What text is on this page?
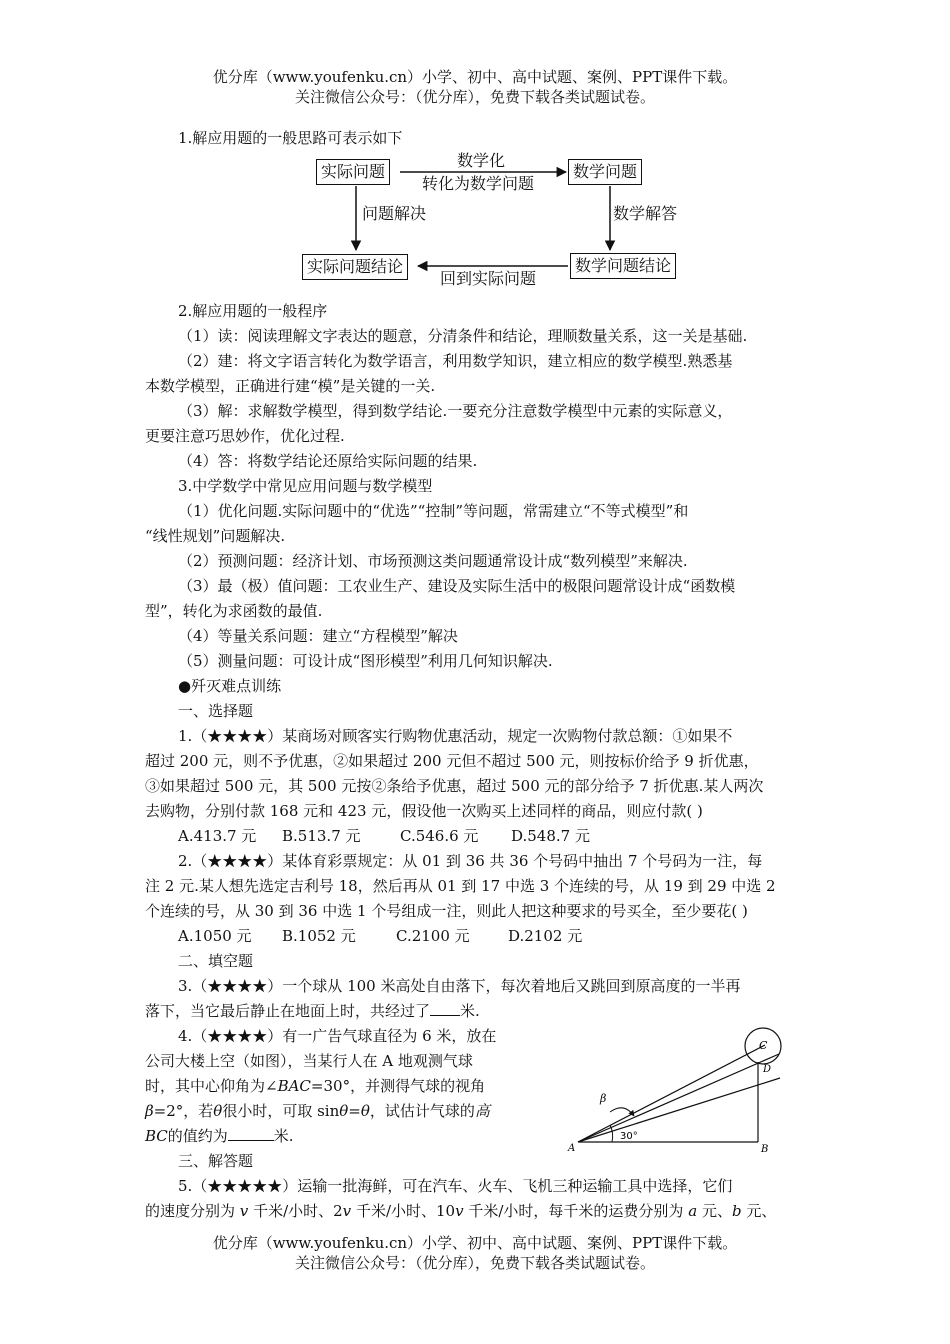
优分库（www.youfenku.cn）小学、初中、高中试题、案例、PPT课件下载。
关注微信公众号：（优分库），免费下载各类试题试卷。
1.解应用题的一般思路可表示如下
实际问题	数学问题
数学问题结论
实际问题结论
数学化
转化为数学问题
问题解决	数学解答
回到实际问题
2.解应用题的一般程序
（1）读：阅读理解文字表达的题意，分清条件和结论，理顺数量关系，这一关是基础.
（2）建：将文字语言转化为数学语言，利用数学知识，建立相应的数学模型.熟悉基
本数学模型，正确进行建“模”是关键的一关.
（3）解：求解数学模型，得到数学结论.一要充分注意数学模型中元素的实际意义，
更要注意巧思妙作，优化过程.
（4）答：将数学结论还原给实际问题的结果.
3.中学数学中常见应用问题与数学模型
（1）优化问题.实际问题中的“优选”“控制”等问题，常需建立“不等式模型”和
“线性规划”问题解决.
（2）预测问题：经济计划、市场预测这类问题通常设计成“数列模型”来解决.
（3）最（极）值问题：工农业生产、建设及实际生活中的极限问题常设计成“函数模
型”，转化为求函数的最值.
（4）等量关系问题：建立“方程模型”解决
（5）测量问题：可设计成“图形模型”利用几何知识解决.
●歼灭难点训练
一、选择题
1.（★★★★）某商场对顾客实行购物优惠活动，规定一次购物付款总额：①如果不
超过 200 元，则不予优惠，②如果超过 200 元但不超过 500 元，则按标价给予 9 折优惠，
③如果超过 500 元，其 500 元按②条给予优惠，超过 500 元的部分给予 7 折优惠.某人两次
去购物，分别付款 168 元和 423 元，假设他一次购买上述同样的商品，则应付款( )
A.413.7 元 B.513.7 元	C.546.6 元 D.548.7 元
2.（★★★★）某体育彩票规定：从 01 到 36 共 36 个号码中抽出 7 个号码为一注，每
注 2 元.某人想先选定吉利号 18，然后再从 01 到 17 中选 3 个连续的号，从 19 到 29 中选 2
个连续的号，从 30 到 36 中选 1 个号组成一注，则此人把这种要求的号买全，至少要花( )
A.1050 元 B.1052 元	C.2100 元	D.2102 元
二、填空题
3.（★★★★）一个球从 100 米高处自由落下，每次着地后又跳回到原高度的一半再
落下，当它最后静止在地面上时，共经过了 米.
4.（★★★★）有一广告气球直径为 6 米，放在
公司大楼上空（如图），当某行人在 A 地观测气球
时，其中心仰角为∠BAC=30°，并测得气球的视角
β=2°，若θ很小时，可取 sinθ=θ，试估计气球的高
BC的值约为	米.
C
D
A	B
β
30°
三、解答题
5.（★★★★★）运输一批海鲜，可在汽车、火车、飞机三种运输工具中选择，它们
的速度分别为 v 千米/小时、2v 千米/小时、10v 千米/小时，每千米的运费分别为 a 元、b 元、
优分库（www.youfenku.cn）小学、初中、高中试题、案例、PPT课件下载。
关注微信公众号：（优分库），免费下载各类试题试卷。
